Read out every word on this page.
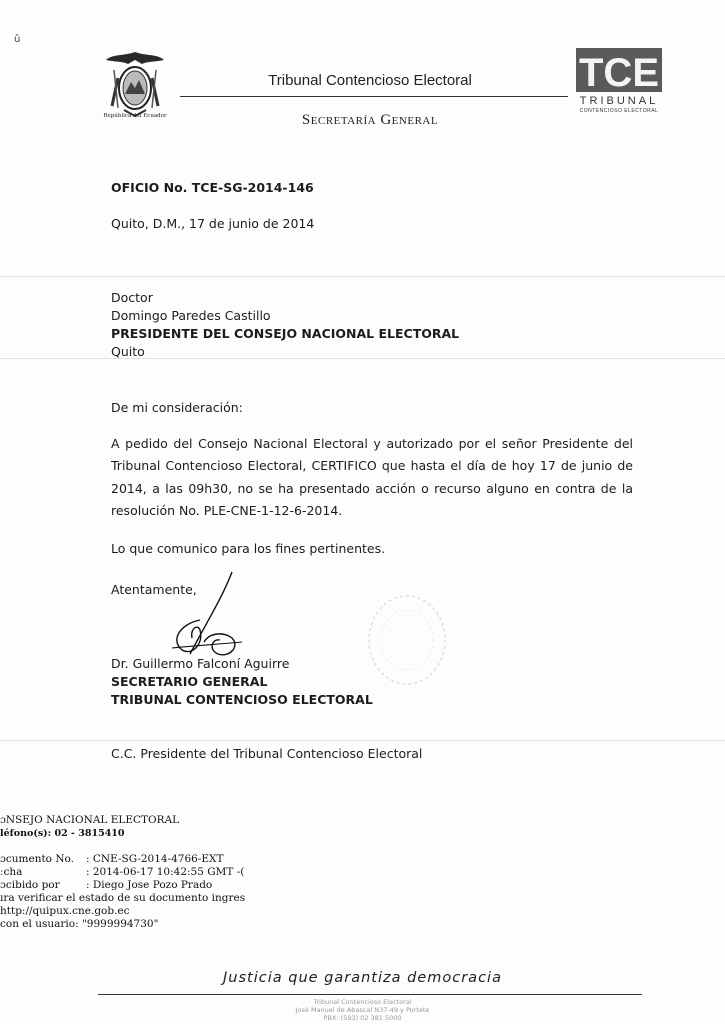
ǔ
República del Ecuador
Tribunal Contencioso Electoral
Secretaría General
TCE
TRIBUNAL
CONTENCIOSO ELECTORAL
OFICIO No. TCE-SG-2014-146
Quito, D.M., 17 de junio de 2014
Doctor
Domingo Paredes Castillo
PRESIDENTE DEL CONSEJO NACIONAL ELECTORAL
Quito
De mi consideración:
A pedido del Consejo Nacional Electoral y autorizado por el señor Presidente del Tribunal Contencioso Electoral, CERTIFICO que hasta el día de hoy 17 de junio de 2014, a las 09h30, no se ha presentado acción o recurso alguno en contra de la resolución No. PLE-CNE-1-12-6-2014.
Lo que comunico para los fines pertinentes.
Atentamente,
Dr. Guillermo Falconí Aguirre
SECRETARIO GENERAL
TRIBUNAL CONTENCIOSO ELECTORAL
C.C. Presidente del Tribunal Contencioso Electoral
ɔNSEJO NACIONAL ELECTORAL
léfono(s): 02 - 3815410
ɔcumento No. : CNE-SG-2014-4766-EXT
ːcha	: 2014-06-17 10:42:55 GMT -(
ɔcibido por	: Diego Jose Pozo Prado
ıra verificar el estado de su documento ingres
http://quipux.cne.gob.ec
con el usuario: "9999994730"
Justicia que garantiza democracia
Tribunal Contencioso Electoral
José Manuel de Abascal N37-49 y Portete
PBX: (593) 02 381 5000
